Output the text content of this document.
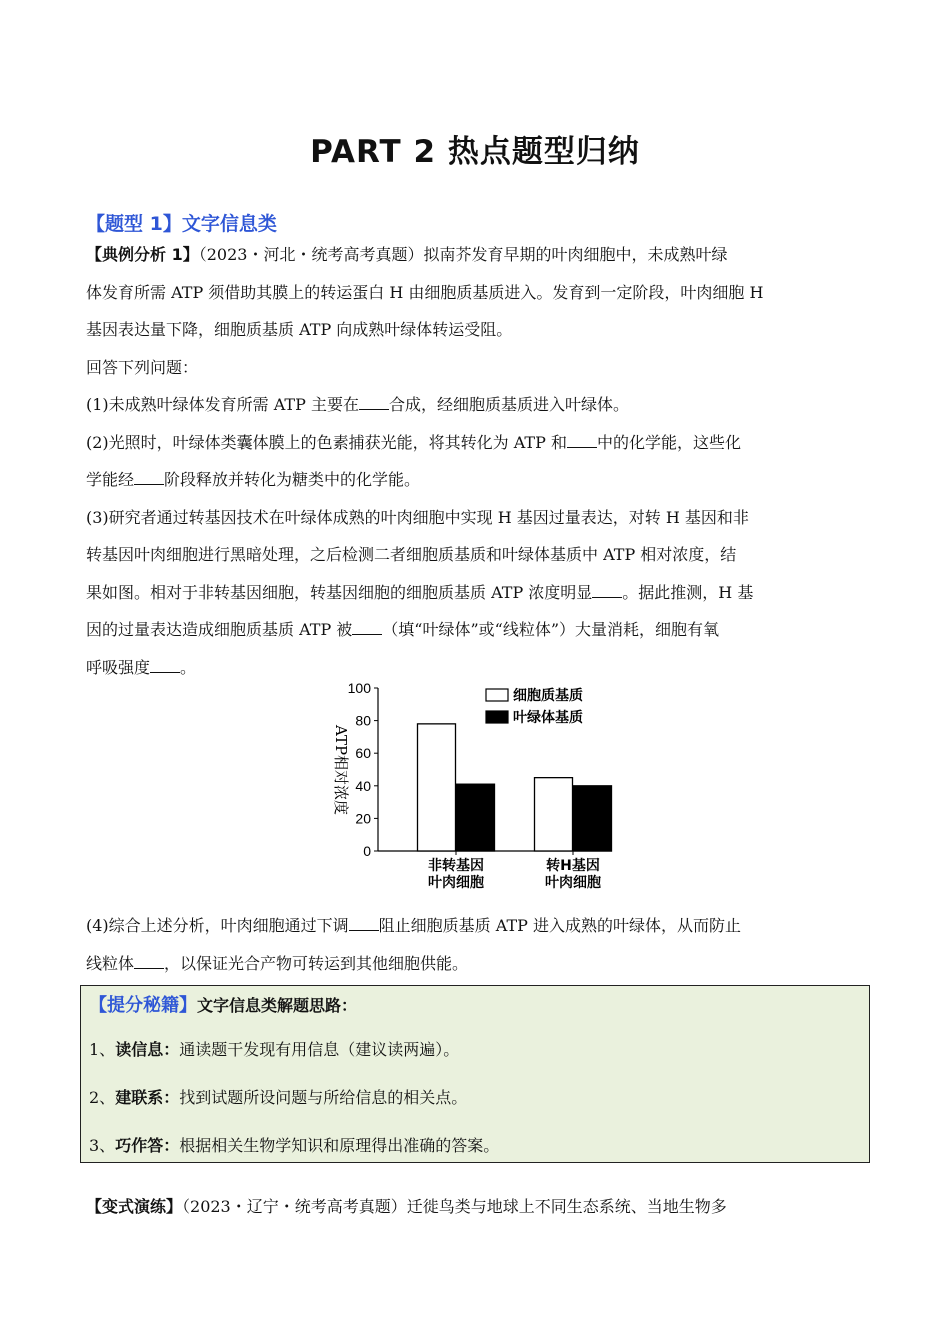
PART 2 热点题型归纳
【题型 1】文字信息类
【典例分析 1】（2023・河北・统考高考真题）拟南芥发育早期的叶肉细胞中，未成熟叶绿
体发育所需 ATP 须借助其膜上的转运蛋白 H 由细胞质基质进入。发育到一定阶段，叶肉细胞 H
基因表达量下降，细胞质基质 ATP 向成熟叶绿体转运受阻。
回答下列问题：
(1)未成熟叶绿体发育所需 ATP 主要在 合成，经细胞质基质进入叶绿体。
(2)光照时，叶绿体类囊体膜上的色素捕获光能，将其转化为 ATP 和 中的化学能，这些化
学能经 阶段释放并转化为糖类中的化学能。
(3)研究者通过转基因技术在叶绿体成熟的叶肉细胞中实现 H 基因过量表达，对转 H 基因和非
转基因叶肉细胞进行黑暗处理，之后检测二者细胞质基质和叶绿体基质中 ATP 相对浓度，结
果如图。相对于非转基因细胞，转基因细胞的细胞质基质 ATP 浓度明显 。据此推测，H 基
因的过量表达造成细胞质基质 ATP 被 （填“叶绿体”或“线粒体”）大量消耗，细胞有氧
呼吸强度 。
0
20
40
60
80
100
ATP相对浓度
非转基因
叶肉细胞
转H基因
叶肉细胞
细胞质基质
叶绿体基质
(4)综合上述分析，叶肉细胞通过下调 阻止细胞质基质 ATP 进入成熟的叶绿体，从而防止
线粒体 ，以保证光合产物可转运到其他细胞供能。
【提分秘籍】文字信息类解题思路：
1、读信息：通读题干发现有用信息（建议读两遍）。
2、建联系：找到试题所设问题与所给信息的相关点。
3、巧作答：根据相关生物学知识和原理得出准确的答案。
【变式演练】（2023・辽宁・统考高考真题）迁徙鸟类与地球上不同生态系统、当地生物多
